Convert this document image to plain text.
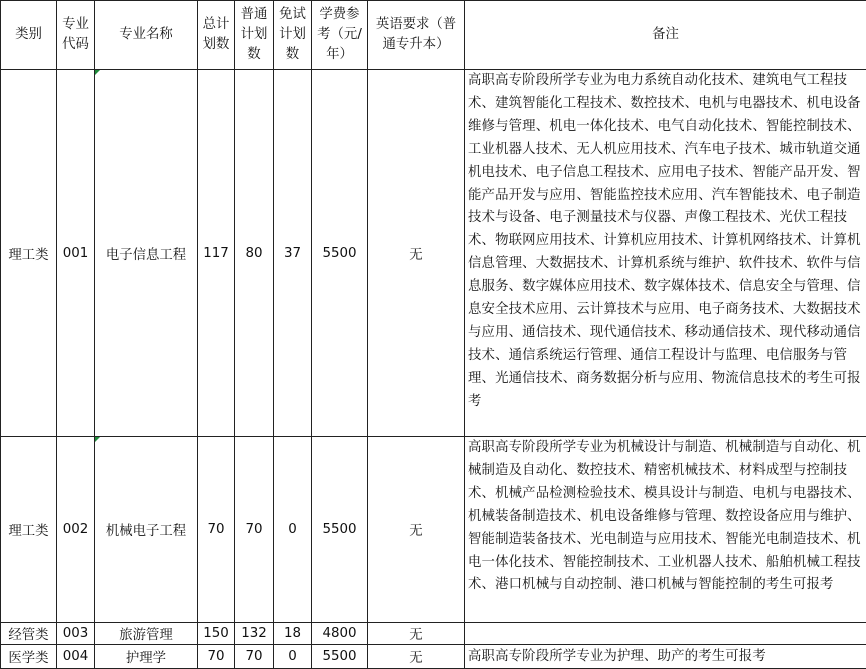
类别	专业代码	专业名称	总计划数	普通计划数	免试计划数	学费参考（元/年）	英语要求（普通专升本）	备注
理工类	001	电子信息工程	117	80	37	5500	无	高职高专阶段所学专业为电力系统自动化技术、建筑电气工程技术、建筑智能化工程技术、数控技术、电机与电器技术、机电设备维修与管理、机电一体化技术、电气自动化技术、智能控制技术、工业机器人技术、无人机应用技术、汽车电子技术、城市轨道交通机电技术、电子信息工程技术、应用电子技术、智能产品开发、智能产品开发与应用、智能监控技术应用、汽车智能技术、电子制造技术与设备、电子测量技术与仪器、声像工程技术、光伏工程技术、物联网应用技术、计算机应用技术、计算机网络技术、计算机信息管理、大数据技术、计算机系统与维护、软件技术、软件与信息服务、数字媒体应用技术、数字媒体技术、信息安全与管理、信息安全技术应用、云计算技术与应用、电子商务技术、大数据技术与应用、通信技术、现代通信技术、移动通信技术、现代移动通信技术、通信系统运行管理、通信工程设计与监理、电信服务与管理、光通信技术、商务数据分析与应用、物流信息技术的考生可报考
理工类	002	机械电子工程	70	70	0	5500	无	高职高专阶段所学专业为机械设计与制造、机械制造与自动化、机械制造及自动化、数控技术、精密机械技术、材料成型与控制技术、机械产品检测检验技术、模具设计与制造、电机与电器技术、机械装备制造技术、机电设备维修与管理、数控设备应用与维护、智能制造装备技术、光电制造与应用技术、智能光电制造技术、机电一体化技术、智能控制技术、工业机器人技术、船舶机械工程技术、港口机械与自动控制、港口机械与智能控制的考生可报考
经管类	003	旅游管理	150	132	18	4800	无	
医学类	004	护理学	70	70	0	5500	无	高职高专阶段所学专业为护理、助产的考生可报考
